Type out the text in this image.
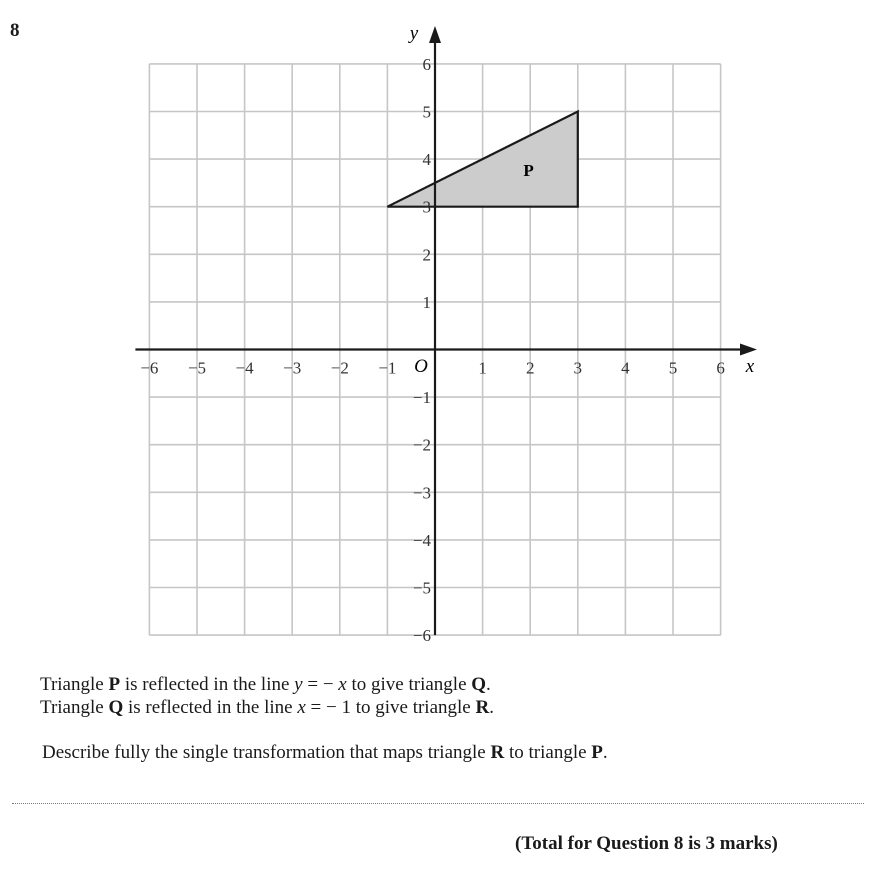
8
−6 −5 −4 −3 −2 −1	1 2 3 4 5 6
−6
−5
−4
−3
−2
−1
1
2
3
4
5
6
P
x
y
O
Triangle P is reflected in the line y = − x to give triangle Q.
Triangle Q is reflected in the line x = − 1 to give triangle R.
Describe fully the single transformation that maps triangle R to triangle P.
(Total for Question 8 is 3 marks)
